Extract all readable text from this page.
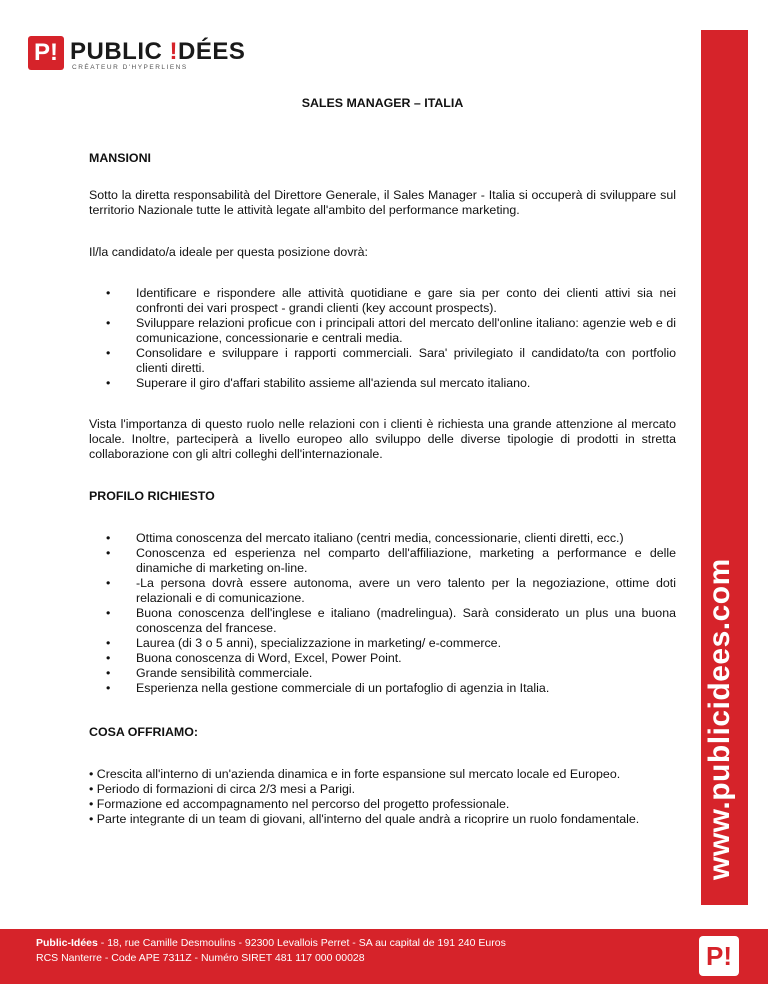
P! PUBLIC !DÉES
CRÉATEUR D'HYPERLIENS
www.publicidees.com

SALES MANAGER – ITALIA

MANSIONI

Sotto la diretta responsabilità del Direttore Generale, il Sales Manager - Italia si occuperà di sviluppare sul territorio Nazionale tutte le attività legate all'ambito del performance marketing.

Il/la candidato/a ideale per questa posizione dovrà:

• Identificare e rispondere alle attività quotidiane e gare sia per conto dei clienti attivi sia nei confronti dei vari prospect - grandi clienti (key account prospects).
• Sviluppare relazioni proficue con i principali attori del mercato dell'online italiano: agenzie web e di comunicazione, concessionarie e centrali media.
• Consolidare e sviluppare i rapporti commerciali. Sara' privilegiato il candidato/ta con portfolio clienti diretti.
• Superare il giro d'affari stabilito assieme all'azienda sul mercato italiano.

Vista l'importanza di questo ruolo nelle relazioni con i clienti è richiesta una grande attenzione al mercato locale. Inoltre, parteciperà a livello europeo allo sviluppo delle diverse tipologie di prodotti in stretta collaborazione con gli altri colleghi dell'internazionale.

PROFILO RICHIESTO

• Ottima conoscenza del mercato italiano (centri media, concessionarie, clienti diretti, ecc.)
• Conoscenza ed esperienza nel comparto dell'affiliazione, marketing a performance e delle dinamiche di marketing on-line.
• -La persona dovrà essere autonoma, avere un vero talento per la negoziazione, ottime doti relazionali e di comunicazione.
• Buona conoscenza dell'inglese e italiano (madrelingua). Sarà considerato un plus una buona conoscenza del francese.
• Laurea (di 3 o 5 anni), specializzazione in marketing/ e-commerce.
• Buona conoscenza di Word, Excel, Power Point.
• Grande sensibilità commerciale.
• Esperienza nella gestione commerciale di un portafoglio di agenzia in Italia.

COSA OFFRIAMO:

• Crescita all'interno di un'azienda dinamica e in forte espansione sul mercato locale ed Europeo.

• Periodo di formazioni di circa 2/3 mesi a Parigi.

• Formazione ed accompagnamento nel percorso del progetto professionale.

• Parte integrante di un team di giovani, all'interno del quale andrà a ricoprire un ruolo fondamentale.

Public-Idées - 18, rue Camille Desmoulins - 92300 Levallois Perret - SA au capital de 191 240 Euros
RCS Nanterre - Code APE 7311Z - Numéro SIRET 481 117 000 00028	P!
